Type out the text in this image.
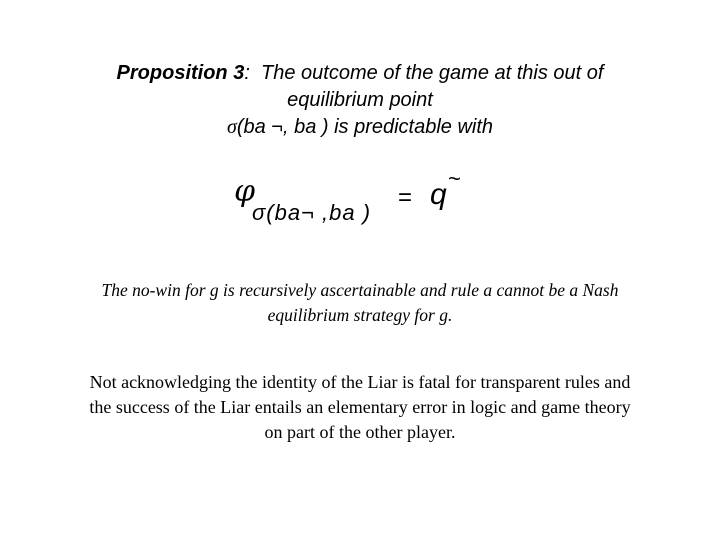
Proposition 3: The outcome of the game at this out of
equilibrium point
σ(ba ¬, ba ) is predictable with
φ
σ(ba¬ ,ba )
= q ~
The no-win for g is recursively ascertainable and rule a cannot be a Nash
equilibrium strategy for g.
Not acknowledging the identity of the Liar is fatal for transparent rules and
the success of the Liar entails an elementary error in logic and game theory
on part of the other player.
